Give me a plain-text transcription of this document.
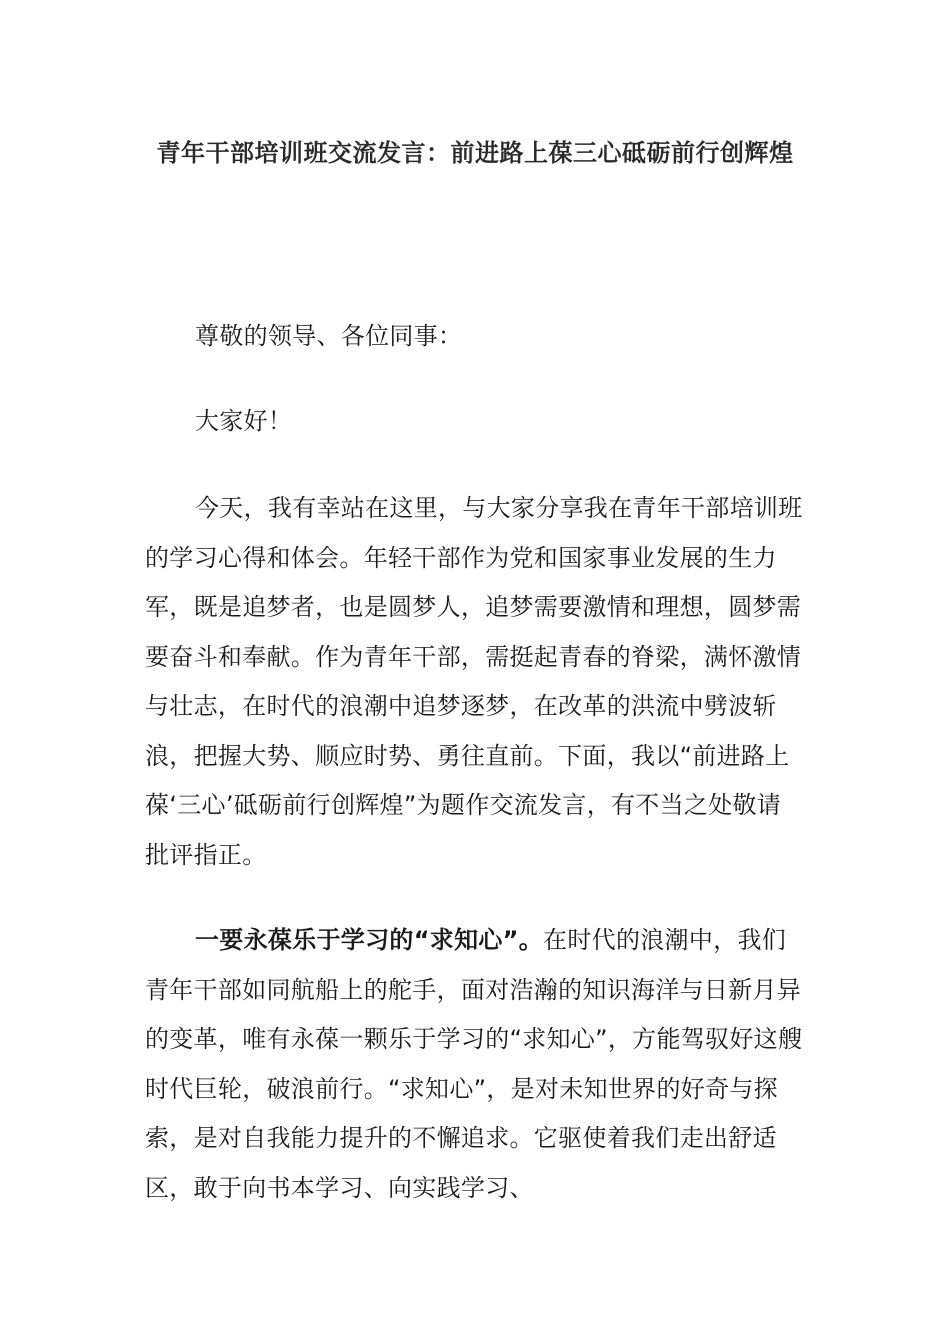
青年干部培训班交流发言：前进路上葆三心砥砺前行创辉煌

尊敬的领导、各位同事：

大家好！

今天，我有幸站在这里，与大家分享我在青年干部培训班的学习心得和体会。年轻干部作为党和国家事业发展的生力军，既是追梦者，也是圆梦人，追梦需要激情和理想，圆梦需要奋斗和奉献。作为青年干部，需挺起青春的脊梁，满怀激情与壮志，在时代的浪潮中追梦逐梦，在改革的洪流中劈波斩浪，把握大势、顺应时势、勇往直前。下面，我以“前进路上葆‘三心’砥砺前行创辉煌”为题作交流发言，有不当之处敬请批评指正。

一要永葆乐于学习的“求知心”。在时代的浪潮中，我们青年干部如同航船上的舵手，面对浩瀚的知识海洋与日新月异的变革，唯有永葆一颗乐于学习的“求知心”，方能驾驭好这艘时代巨轮，破浪前行。“求知心”，是对未知世界的好奇与探索，是对自我能力提升的不懈追求。它驱使着我们走出舒适区，敢于向书本学习、向实践学习、
